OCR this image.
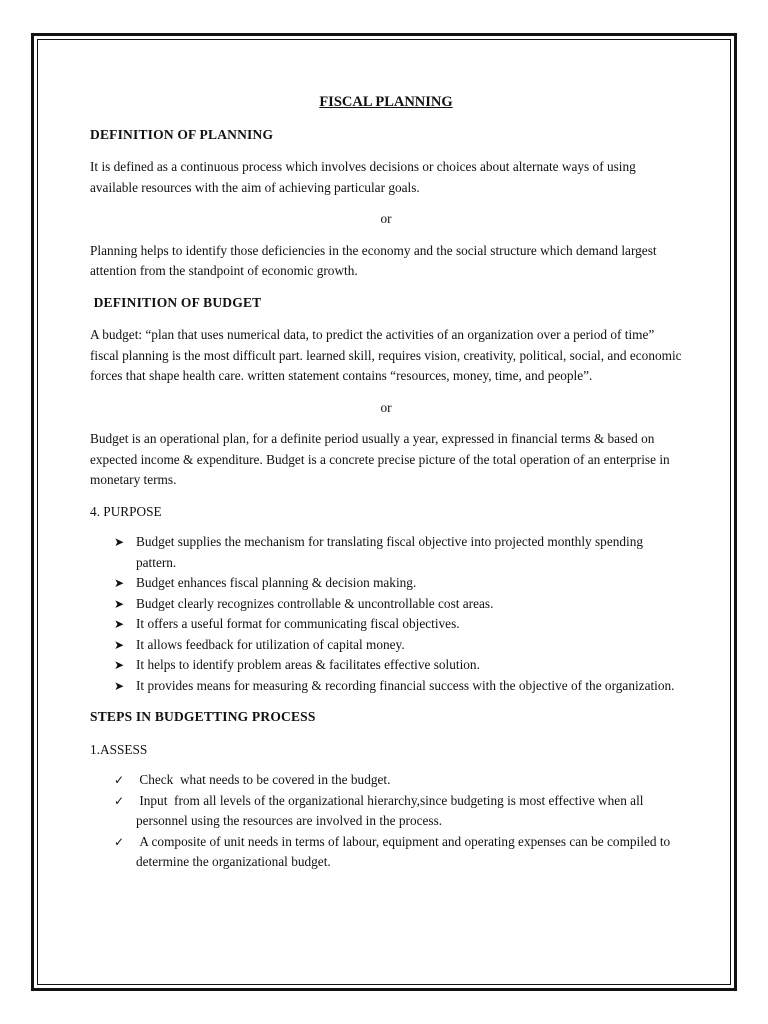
FISCAL PLANNING
DEFINITION OF PLANNING
It is defined as a continuous process which involves decisions or choices about alternate ways of using available resources with the aim of achieving particular goals.
or
Planning helps to identify those deficiencies in the economy and the social structure which demand largest attention from the standpoint of economic growth.
DEFINITION OF BUDGET
A budget: “plan that uses numerical data, to predict the activities of an organization over a period of time” fiscal planning is the most difficult part. learned skill, requires vision, creativity, political, social, and economic forces that shape health care. written statement contains “resources, money, time, and people”.
or
Budget is an operational plan, for a definite period usually a year, expressed in financial terms & based on expected income & expenditure. Budget is a concrete precise picture of the total operation of an enterprise in monetary terms.
4. PURPOSE
➤ Budget supplies the mechanism for translating fiscal objective into projected monthly spending pattern.
➤ Budget enhances fiscal planning & decision making.
➤ Budget clearly recognizes controllable & uncontrollable cost areas.
➤ It offers a useful format for communicating fiscal objectives.
➤ It allows feedback for utilization of capital money.
➤ It helps to identify problem areas & facilitates effective solution.
➤ It provides means for measuring & recording financial success with the objective of the organization.
STEPS IN BUDGETTING PROCESS
1.ASSESS
✓ Check  what needs to be covered in the budget.
✓ Input  from all levels of the organizational hierarchy,since budgeting is most effective when all personnel using the resources are involved in the process.
✓ A composite of unit needs in terms of labour, equipment and operating expenses can be compiled to determine the organizational budget.
